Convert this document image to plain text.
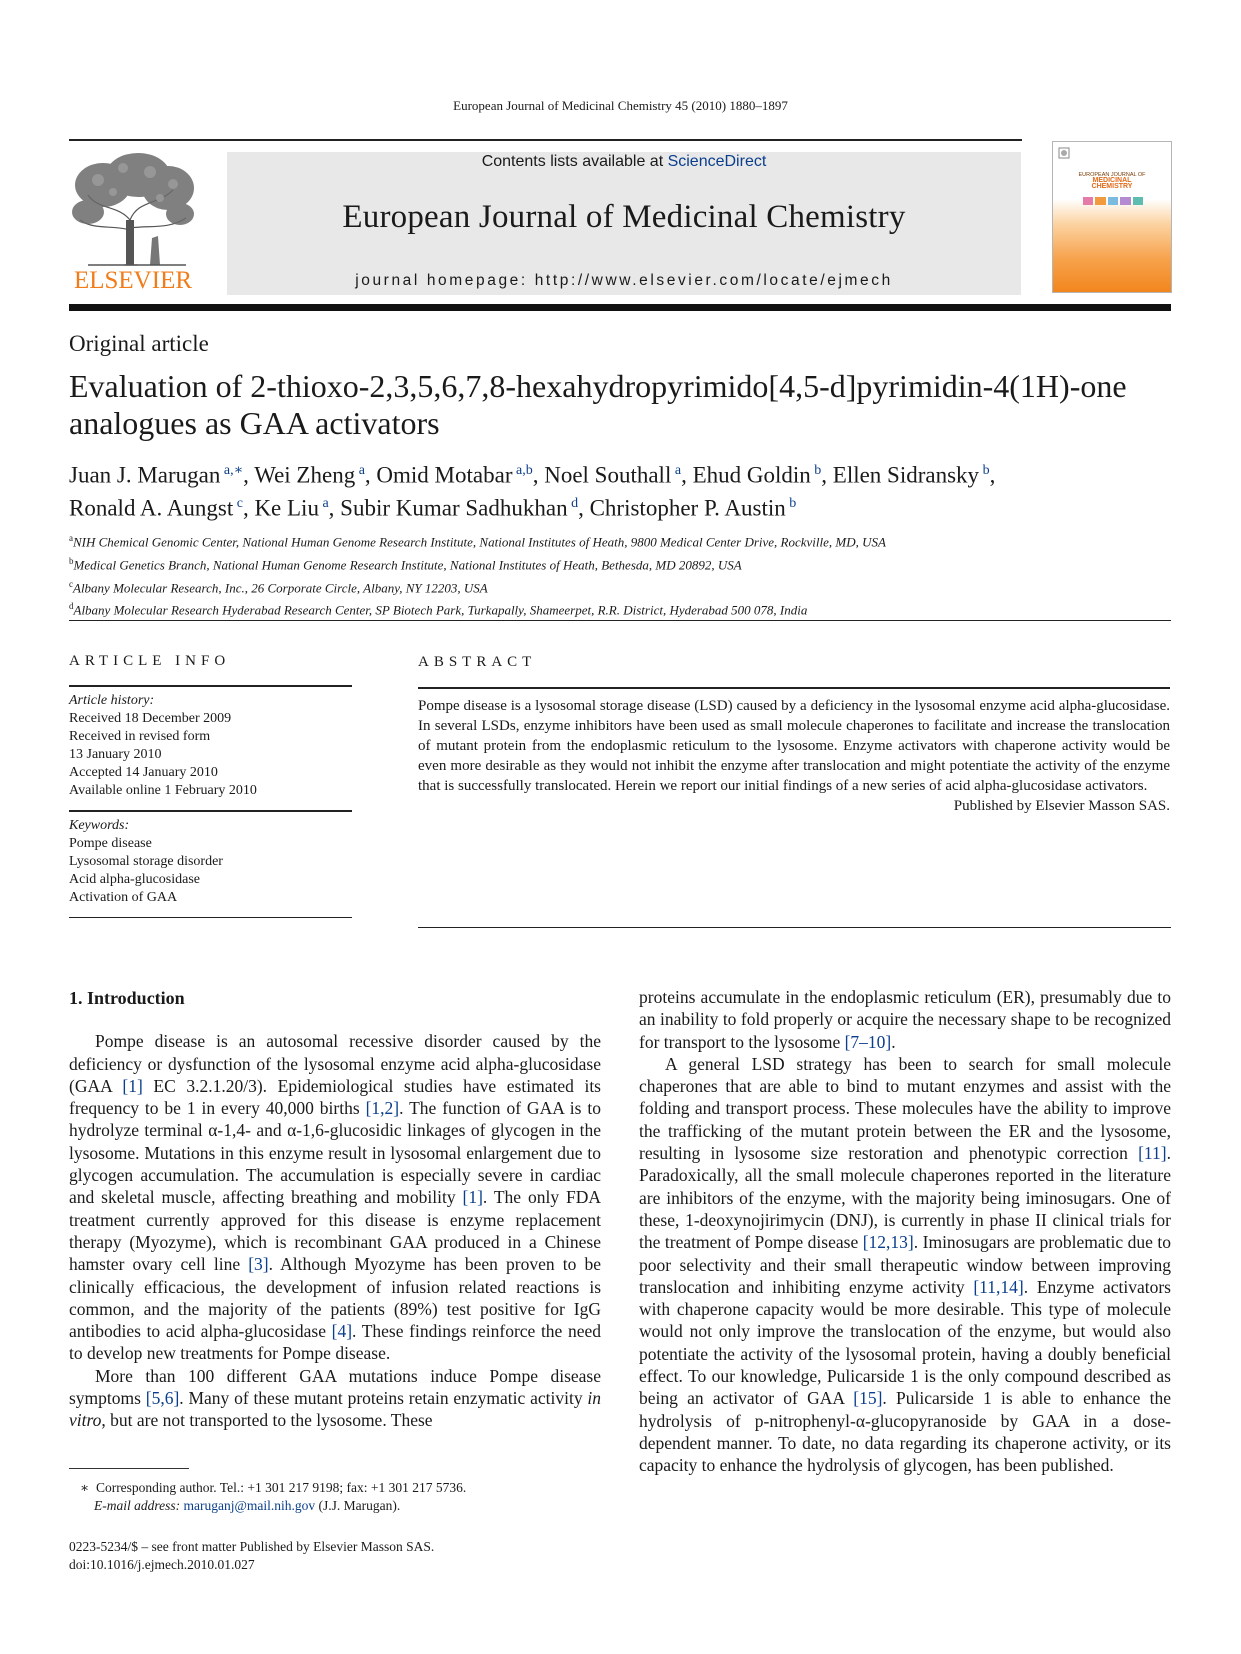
European Journal of Medicinal Chemistry 45 (2010) 1880–1897
ELSEVIER
Contents lists available at ScienceDirect
European Journal of Medicinal Chemistry
journal homepage: http://www.elsevier.com/locate/ejmech
EUROPEAN JOURNAL OF
MEDICINAL
CHEMISTRY
Original article
Evaluation of 2-thioxo-2,3,5,6,7,8-hexahydropyrimido[4,5-d]pyrimidin-4(1H)-one analogues as GAA activators
Juan J. Marugan $^{a,∗}$, Wei Zheng $^a$, Omid Motabar $^{a,b}$, Noel Southall $^a$, Ehud Goldin $^b$, Ellen Sidransky $^b$,
Ronald A. Aungst $^c$, Ke Liu $^a$, Subir Kumar Sadhukhan $^d$, Christopher P. Austin $^b$
$^a$NIH Chemical Genomic Center, National Human Genome Research Institute, National Institutes of Heath, 9800 Medical Center Drive, Rockville, MD, USA
$^b$Medical Genetics Branch, National Human Genome Research Institute, National Institutes of Heath, Bethesda, MD 20892, USA
$^c$Albany Molecular Research, Inc., 26 Corporate Circle, Albany, NY 12203, USA
$^d$Albany Molecular Research Hyderabad Research Center, SP Biotech Park, Turkapally, Shameerpet, R.R. District, Hyderabad 500 078, India
ARTICLE INFO
Article history:
Received 18 December 2009
Received in revised form
13 January 2010
Accepted 14 January 2010
Available online 1 February 2010
Keywords:
Pompe disease
Lysosomal storage disorder
Acid alpha-glucosidase
Activation of GAA
ABSTRACT
Pompe disease is a lysosomal storage disease (LSD) caused by a deficiency in the lysosomal enzyme acid alpha-glucosidase. In several LSDs, enzyme inhibitors have been used as small molecule chaperones to facilitate and increase the translocation of mutant protein from the endoplasmic reticulum to the lysosome. Enzyme activators with chaperone activity would be even more desirable as they would not inhibit the enzyme after translocation and might potentiate the activity of the enzyme that is successfully translocated. Herein we report our initial findings of a new series of acid alpha-glucosidase activators.
Published by Elsevier Masson SAS.
1. Introduction

Pompe disease is an autosomal recessive disorder caused by the deficiency or dysfunction of the lysosomal enzyme acid alpha-glucosidase (GAA [1] EC 3.2.1.20/3). Epidemiological studies have estimated its frequency to be 1 in every 40,000 births [1,2]. The function of GAA is to hydrolyze terminal α-1,4- and α-1,6-glucosidic linkages of glycogen in the lysosome. Mutations in this enzyme result in lysosomal enlargement due to glycogen accumulation. The accumulation is especially severe in cardiac and skeletal muscle, affecting breathing and mobility [1]. The only FDA treatment currently approved for this disease is enzyme replacement therapy (Myozyme), which is recombinant GAA produced in a Chinese hamster ovary cell line [3]. Although Myozyme has been proven to be clinically efficacious, the development of infusion related reactions is common, and the majority of the patients (89%) test positive for IgG antibodies to acid alpha-glucosidase [4]. These findings reinforce the need to develop new treatments for Pompe disease.

More than 100 different GAA mutations induce Pompe disease symptoms [5,6]. Many of these mutant proteins retain enzymatic activity in vitro, but are not transported to the lysosome. These

proteins accumulate in the endoplasmic reticulum (ER), presumably due to an inability to fold properly or acquire the necessary shape to be recognized for transport to the lysosome [7–10].

A general LSD strategy has been to search for small molecule chaperones that are able to bind to mutant enzymes and assist with the folding and transport process. These molecules have the ability to improve the trafficking of the mutant protein between the ER and the lysosome, resulting in lysosome size restoration and phenotypic correction [11]. Paradoxically, all the small molecule chaperones reported in the literature are inhibitors of the enzyme, with the majority being iminosugars. One of these, 1-deoxynojirimycin (DNJ), is currently in phase II clinical trials for the treatment of Pompe disease [12,13]. Iminosugars are problematic due to poor selectivity and their small therapeutic window between improving translocation and inhibiting enzyme activity [11,14]. Enzyme activators with chaperone capacity would be more desirable. This type of molecule would not only improve the translocation of the enzyme, but would also potentiate the activity of the lysosomal protein, having a doubly beneficial effect. To our knowledge, Pulicarside 1 is the only compound described as being an activator of GAA [15]. Pulicarside 1 is able to enhance the hydrolysis of p-nitrophenyl-α-glucopyranoside by GAA in a dose-dependent manner. To date, no data regarding its chaperone activity, or its capacity to enhance the hydrolysis of glycogen, has been published.

∗ Corresponding author. Tel.: +1 301 217 9198; fax: +1 301 217 5736.
E-mail address: maruganj@mail.nih.gov (J.J. Marugan).
0223-5234/$ – see front matter Published by Elsevier Masson SAS.
doi:10.1016/j.ejmech.2010.01.027
